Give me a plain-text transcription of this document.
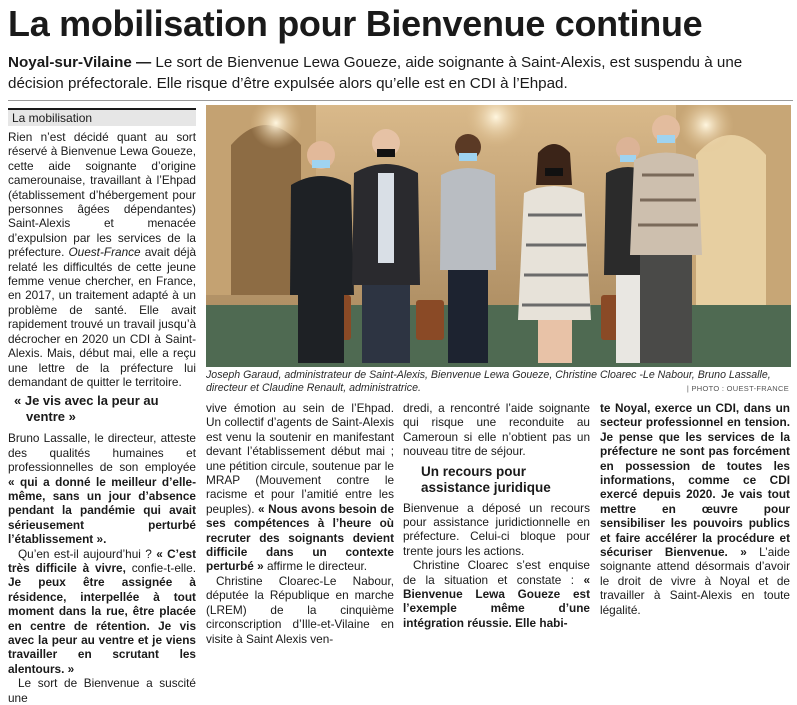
La mobilisation pour Bienvenue continue
Noyal-sur-Vilaine — Le sort de Bienvenue Lewa Goueze, aide soignante à Saint-Alexis, est suspendu à une décision préfectorale. Elle risque d’être expulsée alors qu’elle est en CDI à l’Ehpad.
La mobilisation

Rien n’est décidé quant au sort réservé à Bienvenue Lewa Goueze, cette aide soignante d’origine camerounaise, travaillant à l’Ehpad (établissement d’hébergement pour personnes âgées dépendantes) Saint-Alexis et menacée d’expulsion par les services de la préfecture. Ouest-France avait déjà relaté les difficultés de cette jeune femme venue chercher, en France, en 2017, un traitement adapté à un problème de santé. Elle avait rapidement trouvé un travail jusqu’à décrocher en 2020 un CDI à Saint-Alexis. Mais, début mai, elle a reçu une lettre de la préfecture lui demandant de quitter le territoire.

« Je vis avec la peur au ventre »

Bruno Lassalle, le directeur, atteste des qualités humaines et professionnelles de son employée « qui a donné le meilleur d’elle-même, sans un jour d’absence pendant la pandémie qui avait sérieusement perturbé l’établissement ».

Qu’en est-il aujourd’hui ? « C’est très difficile à vivre, confie-t-elle. Je peux être assignée à résidence, interpellée à tout moment dans la rue, être placée en centre de rétention. Je vis avec la peur au ventre et je viens travailler en scrutant les alentours. »

Le sort de Bienvenue a suscité une

Joseph Garaud, administrateur de Saint-Alexis, Bienvenue Lewa Goueze, Christine Cloarec -Le Nabour, Bruno Lassalle, directeur et Claudine Renault, administratrice.	| PHOTO : OUEST-FRANCE

vive émotion au sein de l’Ehpad. Un collectif d’agents de Saint-Alexis est venu la soutenir en manifestant devant l’établissement début mai ; une pétition circule, soutenue par le MRAP (Mouvement contre le racisme et pour l’amitié entre les peuples). « Nous avons besoin de ses compétences à l’heure où recruter des soignants devient difficile dans un contexte perturbé » affirme le directeur.

Christine Cloarec-Le Nabour, députée la République en marche (LREM) de la cinquième circonscription d’Ille-et-Vilaine en visite à Saint Alexis ven-

dredi, a rencontré l’aide soignante qui risque une reconduite au Cameroun si elle n’obtient pas un nouveau titre de séjour.

Un recours pour assistance juridique

Bienvenue a déposé un recours pour assistance juridictionnelle en préfecture. Celui-ci bloque pour trente jours les actions.

Christine Cloarec s’est enquise de la situation et constate : « Bienvenue Lewa Goueze est l’exemple même d’une intégration réussie. Elle habi-

te Noyal, exerce un CDI, dans un secteur professionnel en tension. Je pense que les services de la préfecture ne sont pas forcément en possession de toutes les informations, comme ce CDI exercé depuis 2020. Je vais tout mettre en œuvre pour sensibiliser les pouvoirs publics et faire accélérer la procédure et sécuriser Bienvenue. » L’aide soignante attend désormais d’avoir le droit de vivre à Noyal et de travailler à Saint-Alexis en toute légalité.
